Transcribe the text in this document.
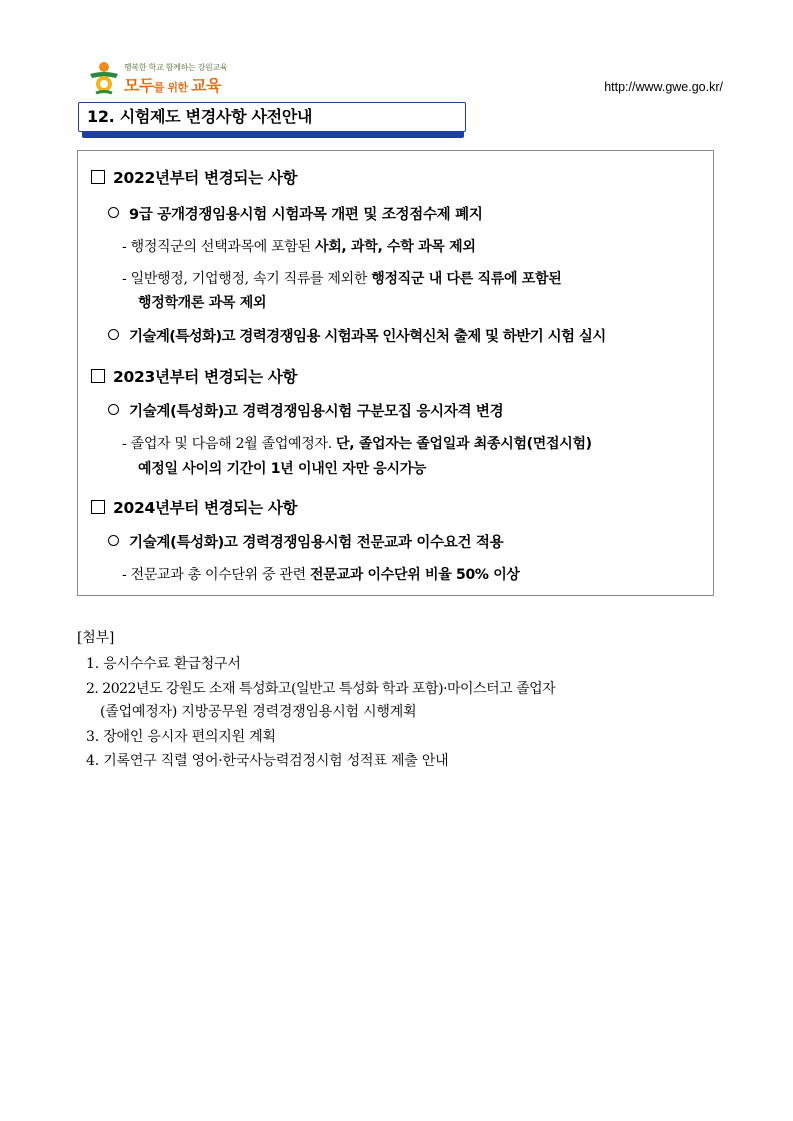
행복한 학교 함께하는 강원교육
모두를 위한 교육	http://www.gwe.go.kr/
12. 시험제도 변경사항 사전안내
2022년부터 변경되는 사항
9급 공개경쟁임용시험 시험과목 개편 및 조정점수제 폐지
- 행정직군의 선택과목에 포함된 사회, 과학, 수학 과목 제외
- 일반행정, 기업행정, 속기 직류를 제외한 행정직군 내 다른 직류에 포함된
행정학개론 과목 제외
기술계(특성화)고 경력경쟁임용 시험과목 인사혁신처 출제 및 하반기 시험 실시
2023년부터 변경되는 사항
기술계(특성화)고 경력경쟁임용시험 구분모집 응시자격 변경
- 졸업자 및 다음해 2월 졸업예정자. 단, 졸업자는 졸업일과 최종시험(면접시험)
예정일 사이의 기간이 1년 이내인 자만 응시가능
2024년부터 변경되는 사항
기술계(특성화)고 경력경쟁임용시험 전문교과 이수요건 적용
- 전문교과 총 이수단위 중 관련 전문교과 이수단위 비율 50% 이상
[첨부]
1. 응시수수료 환급청구서
2. 2022년도 강원도 소재 특성화고(일반고 특성화 학과 포함)·마이스터고 졸업자
(졸업예정자) 지방공무원 경력경쟁임용시험 시행계획
3. 장애인 응시자 편의지원 계획
4. 기록연구 직렬 영어·한국사능력검정시험 성적표 제출 안내
